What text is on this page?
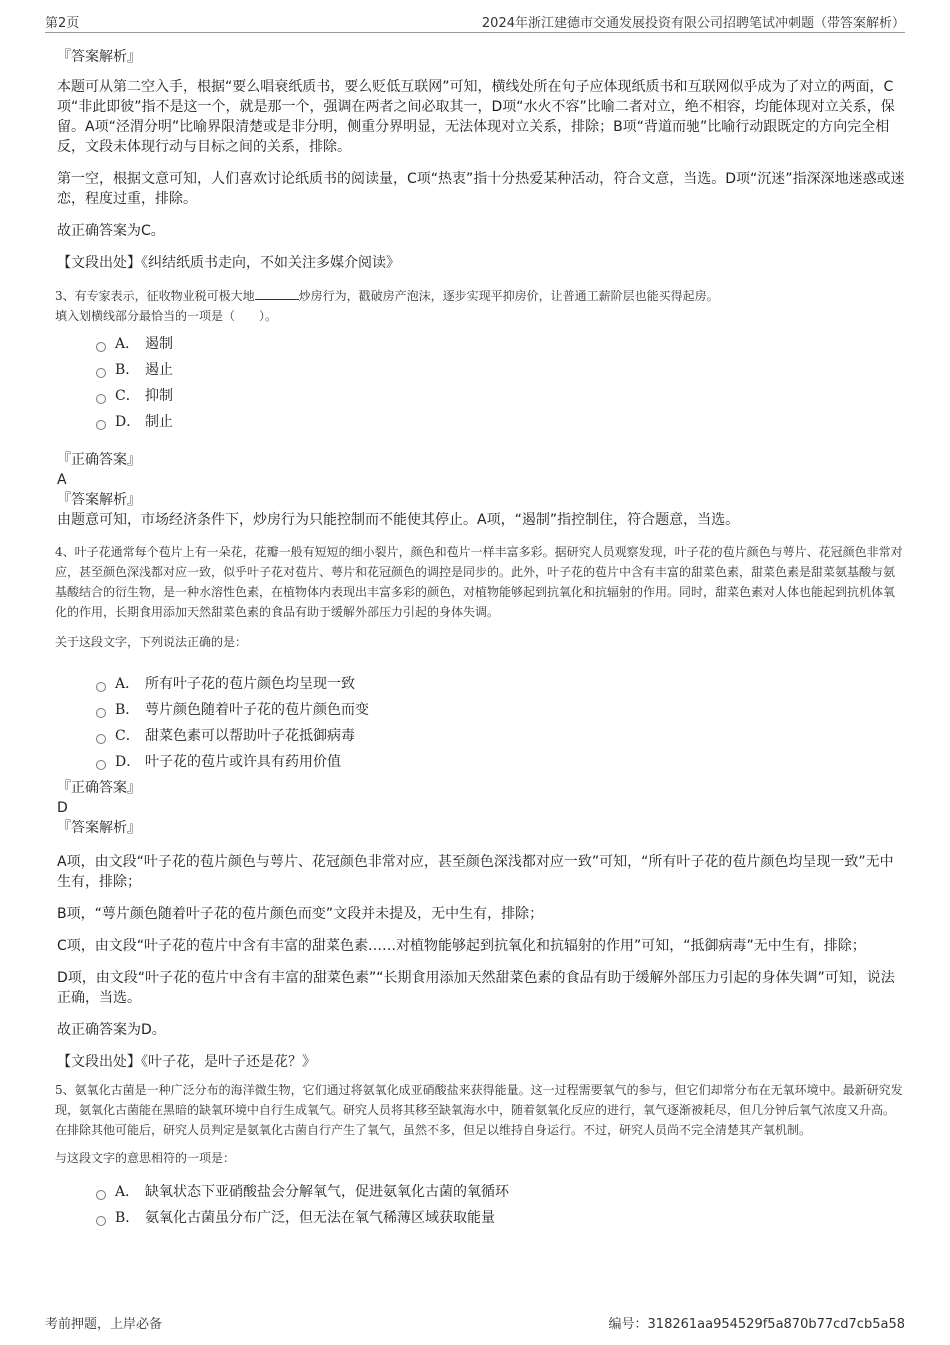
第2页	2024年浙江建德市交通发展投资有限公司招聘笔试冲刺题（带答案解析）
『答案解析』

本题可从第二空入手，根据“要么唱衰纸质书，要么贬低互联网”可知，横线处所在句子应体现纸质书和互联网似乎成为了对立的两面，C项“非此即彼”指不是这一个，就是那一个，强调在两者之间必取其一，D项“水火不容”比喻二者对立，绝不相容，均能体现对立关系，保留。A项“泾渭分明”比喻界限清楚或是非分明，侧重分界明显，无法体现对立关系，排除；B项“背道而驰”比喻行动跟既定的方向完全相反，文段未体现行动与目标之间的关系，排除。

第一空，根据文意可知，人们喜欢讨论纸质书的阅读量，C项“热衷”指十分热爱某种活动，符合文意，当选。D项“沉迷”指深深地迷惑或迷恋，程度过重，排除。

故正确答案为C。

【文段出处】《纠结纸质书走向，不如关注多媒介阅读》

3、有专家表示，征收物业税可极大地	炒房行为，戳破房产泡沫，逐步实现平抑房价，让普通工薪阶层也能买得起房。

填入划横线部分最恰当的一项是（　　）。

A． 遏制
B． 遏止
C． 抑制
D． 制止

『正确答案』

A

『答案解析』

由题意可知，市场经济条件下，炒房行为只能控制而不能使其停止。A项，“遏制”指控制住，符合题意，当选。

4、叶子花通常每个苞片上有一朵花，花瓣一般有短短的细小裂片，颜色和苞片一样丰富多彩。据研究人员观察发现，叶子花的苞片颜色与萼片、花冠颜色非常对应，甚至颜色深浅都对应一致，似乎叶子花对苞片、萼片和花冠颜色的调控是同步的。此外，叶子花的苞片中含有丰富的甜菜色素，甜菜色素是甜菜氨基酸与氨基酸结合的衍生物，是一种水溶性色素，在植物体内表现出丰富多彩的颜色，对植物能够起到抗氧化和抗辐射的作用。同时，甜菜色素对人体也能起到抗机体氧化的作用，长期食用添加天然甜菜色素的食品有助于缓解外部压力引起的身体失调。

关于这段文字，下列说法正确的是：

A． 所有叶子花的苞片颜色均呈现一致
B． 萼片颜色随着叶子花的苞片颜色而变
C． 甜菜色素可以帮助叶子花抵御病毒
D． 叶子花的苞片或许具有药用价值

『正确答案』

D

『答案解析』

A项，由文段“叶子花的苞片颜色与萼片、花冠颜色非常对应，甚至颜色深浅都对应一致”可知，“所有叶子花的苞片颜色均呈现一致”无中生有，排除；

B项，“萼片颜色随着叶子花的苞片颜色而变”文段并未提及，无中生有，排除；

C项，由文段“叶子花的苞片中含有丰富的甜菜色素……对植物能够起到抗氧化和抗辐射的作用”可知，“抵御病毒”无中生有，排除；

D项，由文段“叶子花的苞片中含有丰富的甜菜色素”“长期食用添加天然甜菜色素的食品有助于缓解外部压力引起的身体失调”可知，说法正确，当选。

故正确答案为D。

【文段出处】《叶子花，是叶子还是花？》

5、氨氧化古菌是一种广泛分布的海洋微生物，它们通过将氨氧化成亚硝酸盐来获得能量。这一过程需要氧气的参与，但它们却常分布在无氧环境中。最新研究发现，氨氧化古菌能在黑暗的缺氧环境中自行生成氧气。研究人员将其移至缺氧海水中，随着氨氧化反应的进行，氧气逐渐被耗尽，但几分钟后氧气浓度又升高。在排除其他可能后，研究人员判定是氨氧化古菌自行产生了氧气，虽然不多，但足以维持自身运行。不过，研究人员尚不完全清楚其产氧机制。

与这段文字的意思相符的一项是：

A． 缺氧状态下亚硝酸盐会分解氧气，促进氨氧化古菌的氧循环
B． 氨氧化古菌虽分布广泛，但无法在氧气稀薄区域获取能量
考前押题，上岸必备	编号：318261aa954529f5a870b77cd7cb5a58
